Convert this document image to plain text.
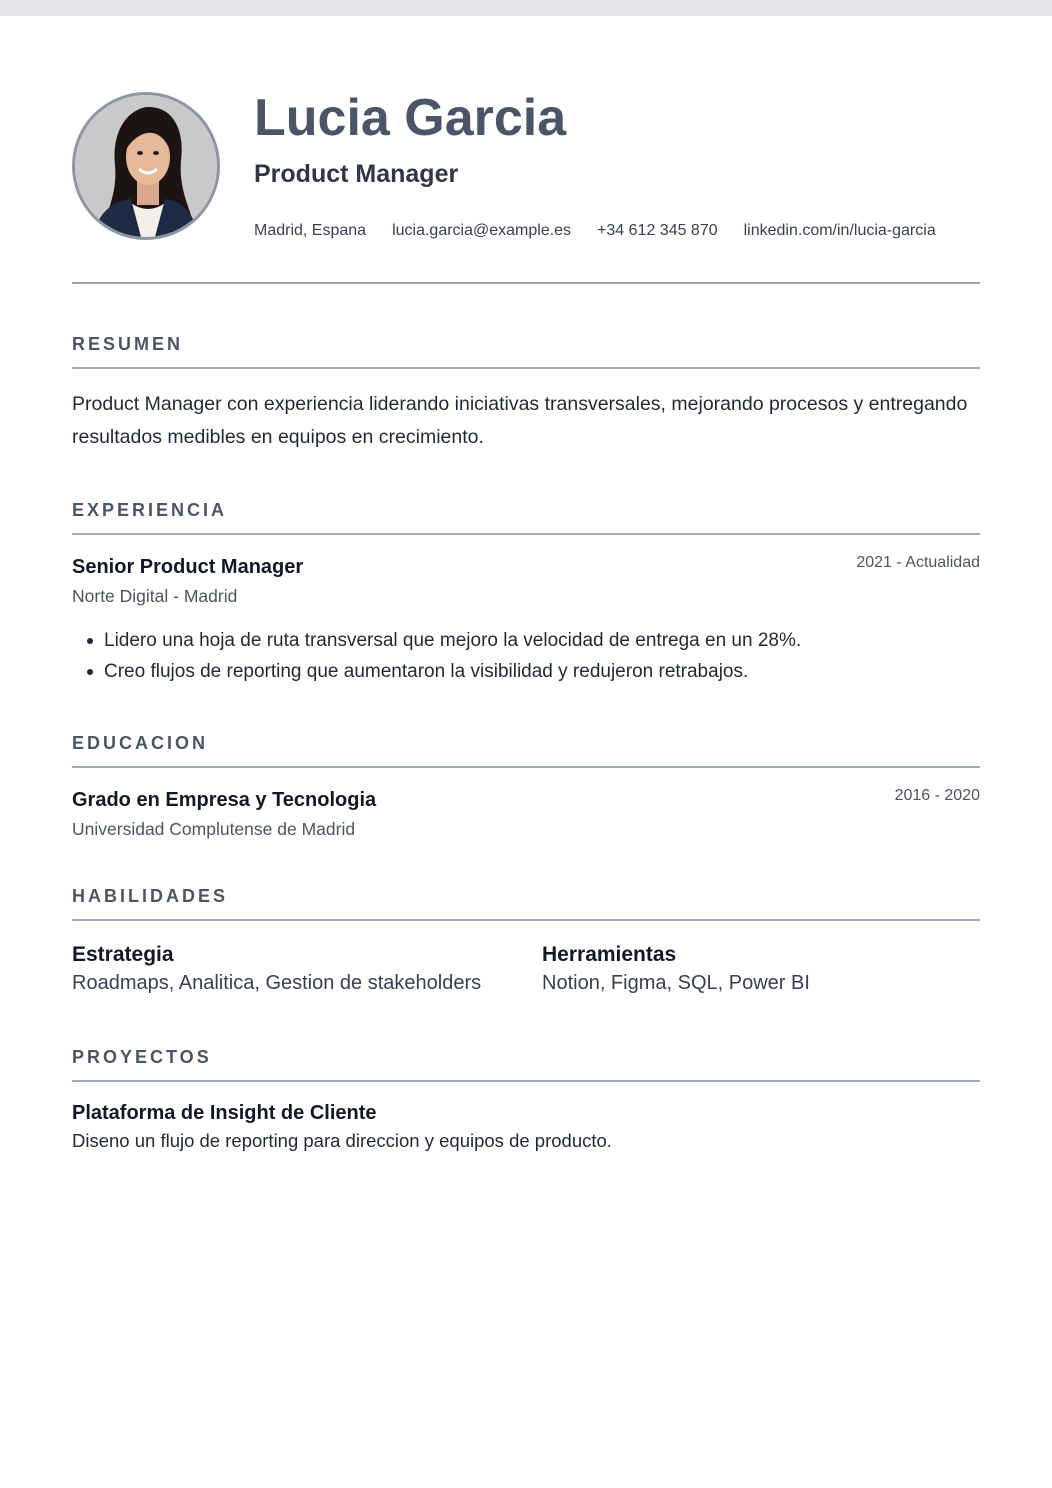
Lucia Garcia
Product Manager
Madrid, Espana lucia.garcia@example.es +34 612 345 870 linkedin.com/in/lucia-garcia
RESUMEN

Product Manager con experiencia liderando iniciativas transversales, mejorando procesos y entregando resultados medibles en equipos en crecimiento.

EXPERIENCIA
Senior Product Manager	2021 - Actualidad
Norte Digital - Madrid
Lidero una hoja de ruta transversal que mejoro la velocidad de entrega en un 28%.
Creo flujos de reporting que aumentaron la visibilidad y redujeron retrabajos.
EDUCACION
Grado en Empresa y Tecnologia	2016 - 2020
Universidad Complutense de Madrid
HABILIDADES
Estrategia
Roadmaps, Analitica, Gestion de stakeholders
Herramientas
Notion, Figma, SQL, Power BI
PROYECTOS
Plataforma de Insight de Cliente
Diseno un flujo de reporting para direccion y equipos de producto.
